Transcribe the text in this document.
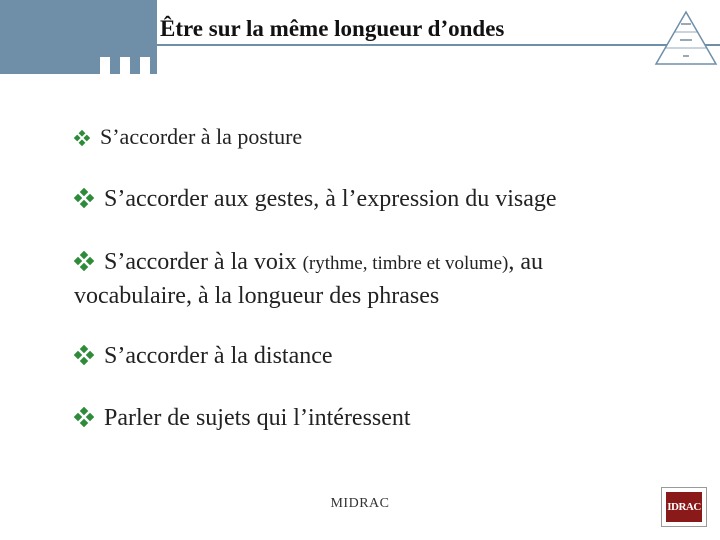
Être sur la même longueur d’ondes
S’accorder à la posture
S’accorder aux gestes, à l’expression du visage
S’accorder à la voix (rythme, timbre et volume), au
vocabulaire, à la longueur des phrases
S’accorder à la distance
Parler de sujets qui l’intéressent
MIDRAC	IDRAC
